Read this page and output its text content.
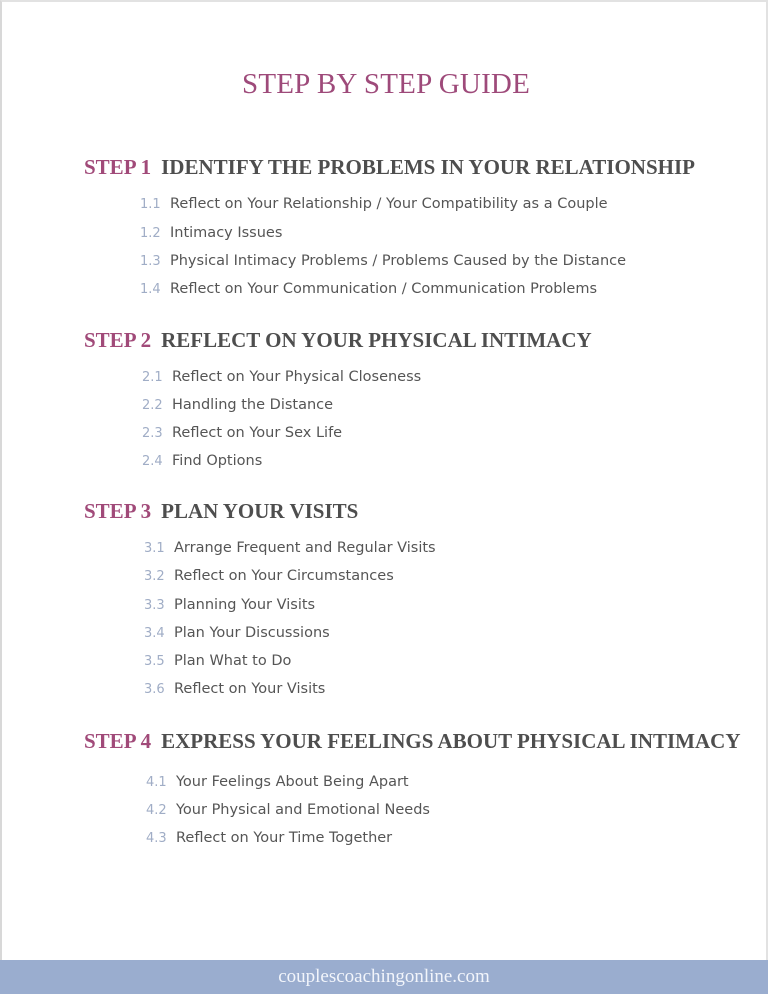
STEP BY STEP GUIDE
STEP 1 IDENTIFY THE PROBLEMS IN YOUR RELATIONSHIP
1.1 Reflect on Your Relationship / Your Compatibility as a Couple
1.2 Intimacy Issues
1.3 Physical Intimacy Problems / Problems Caused by the Distance
1.4 Reflect on Your Communication / Communication Problems
STEP 2 REFLECT ON YOUR PHYSICAL INTIMACY
2.1 Reflect on Your Physical Closeness
2.2 Handling the Distance
2.3 Reflect on Your Sex Life
2.4 Find Options
STEP 3 PLAN YOUR VISITS
3.1 Arrange Frequent and Regular Visits
3.2 Reflect on Your Circumstances
3.3 Planning Your Visits
3.4 Plan Your Discussions
3.5 Plan What to Do
3.6 Reflect on Your Visits
STEP 4 EXPRESS YOUR FEELINGS ABOUT PHYSICAL INTIMACY
4.1 Your Feelings About Being Apart
4.2 Your Physical and Emotional Needs
4.3 Reflect on Your Time Together
couplescoachingonline.com
